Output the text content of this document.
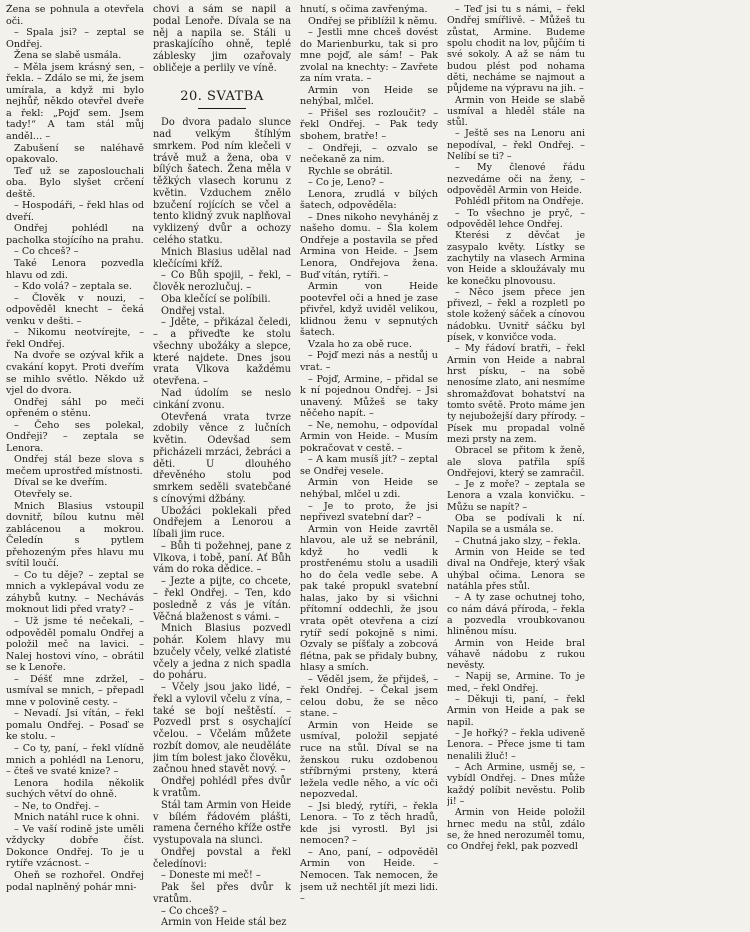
Žena se pohnula a otevřela oči.

– Spala jsi? – zeptal se Ondřej.

Žena se slabě usmála.

– Měla jsem krásný sen, – řekla. – Zdálo se mi, že jsem umírala, a když mi bylo nejhůř, někdo otevřel dveře a řekl: „Pojď sem. Jsem tady!“ A tam stál můj anděl… –

Zabušení se naléhavě opakovalo.

Teď už se zaposlouchali oba. Bylo slyšet crčení deště.

– Hospodáři, – řekl hlas od dveří.

Ondřej pohlédl na pacholka stojícího na prahu.

– Co chceš? –

Také Lenora pozvedla hlavu od zdi.

– Kdo volá? – zeptala se.

– Člověk v nouzi, – odpověděl knecht – čeká venku v dešti. –

– Nikomu neotvírejte, – řekl Ondřej.

Na dvoře se ozýval křik a cvakání kopyt. Proti dveřím se mihlo světlo. Někdo už vjel do dvora.

Ondřej sáhl po meči opřeném o stěnu.

– Čeho ses polekal, Ondřeji? – zeptala se Lenora.

Ondřej stál beze slova s mečem uprostřed místnosti.

Díval se ke dveřím.

Otevřely se.

Mnich Blasius vstoupil dovnitř, bílou kutnu měl zablácenou a mokrou. Čeledín s pytlem přehozeným přes hlavu mu svítil loučí.

– Co tu děje? – zeptal se mnich a vyklepával vodu ze záhybů kutny. – Nechávás moknout lidi před vraty? –

– Už jsme té nečekali, – odpověděl pomalu Ondřej a položil meč na lavici. – Nalej hostovi víno, – obrátil se k Lenoře.

– Déšť mne zdržel, – usmíval se mnich, – přepadl mne v polovině cesty. –

– Nevadí. Jsi vítán, – řekl pomalu Ondřej. – Posaď se ke stolu. –

– Co ty, paní, – řekl vlídně mnich a pohlédl na Lenoru, – čteš ve svaté knize? –

Lenora hodila několik suchých větví do ohně.

– Ne, to Ondřej. –

Mnich natáhl ruce k ohni.

– Ve vaší rodině jste uměli vždycky dobře číst. Dokonce Ondřej. To je u rytíře vzácnost. –

Oheň se rozhořel. Ondřej podal naplněný pohár mni-

chovi a sám se napil a podal Lenoře. Dívala se na něj a napila se. Stáli u praskajícího ohně, teplé záblesky jim ozařovaly obličeje a perlily ve víně.

20. SVATBA

Do dvora padalo slunce nad velkým štíhlým smrkem. Pod ním klečeli v trávě muž a žena, oba v bílých šatech. Žena měla v těžkých vlasech korunu z květin. Vzduchem znělo bzučení rojících se včel a tento klidný zvuk naplňoval vyklizený dvůr a ochozy celého statku.

Mnich Blasius udělal nad klečícími kříž.

– Co Bůh spojil, – řekl, – člověk nerozlučuj. –

Oba klečící se políbili.

Ondřej vstal.

– Jděte, – přikázal čeledi, – a přiveďte ke stolu všechny ubožáky a slepce, které najdete. Dnes jsou vrata Vlkova každému otevřena. –

Nad údolím se neslo cinkání zvonu.

Otevřená vrata tvrze zdobily věnce z lučních květin. Odevšad sem přicházeli mrzáci, žebráci a děti. U dlouhého dřevěného stolu pod smrkem seděli svatebčané s cínovými džbány.

Ubožáci poklekali před Ondřejem a Lenorou a líbali jim ruce.

– Bůh ti požehnej, pane z Vlkova, i tobě, paní. Ať Bůh vám do roka dědice. –

– Jezte a pijte, co chcete, – řekl Ondřej. – Ten, kdo posledně z vás je vítán. Věčná blaženost s vámi. –

Mnich Blasius pozvedl pohár. Kolem hlavy mu bzučely včely, velké zlatisté včely a jedna z nich spadla do poháru.

– Včely jsou jako lidé, – řekl a vylovil včelu z vína, – také se bojí neštěstí. – Pozvedl prst s osychající včelou. – Včelám můžete rozbít domov, ale neuděláte jim tím bolest jako člověku, začnou hned stavět nový. –

Ondřej pohlédl přes dvůr k vratům.

Stál tam Armin von Heide v bílém řádovém plášti, ramena černého kříže ostře vystupovala na slunci.

Ondřej povstal a řekl čeledínovi:

– Doneste mi meč! –

Pak šel přes dvůr k vratům.

– Co chceš? –

Armin von Heide stál bez

hnutí, s očima zavřenýma.

Ondřej se přiblížil k němu.

– Jestli mne chceš dovést do Marienburku, tak si pro mne pojď, ale sám! – Pak zvolal na knechty: – Zavřete za ním vrata. –

Armin von Heide se nehýbal, mlčel.

– Přišel ses rozloučit? – řekl Ondřej. – Pak tedy sbohem, bratře! –

– Ondřeji, – ozvalo se nečekaně za nim.

Rychle se obrátil.

– Co je, Leno? –

Lenora, zrudlá v bílých šatech, odpověděla:

– Dnes nikoho nevyháněj z našeho domu. – Šla kolem Ondřeje a postavila se před Armina von Heide. – Jsem Lenora, Ondřejova žena. Buď vítán, rytíři. –

Armin von Heide pootevřel oči a hned je zase přivřel, když uviděl velikou, klidnou ženu v sepnutých šatech.

Vzala ho za obě ruce.

– Pojď mezi nás a nestůj u vrat. –

– Pojď, Armine, – přidal se k ní pojednou Ondřej. – Jsi unavený. Můžeš se taky něčeho napít. –

– Ne, nemohu, – odpovídal Armin von Heide. – Musím pokračovat v cestě. –

– A kam musíš jít? – zeptal se Ondřej vesele.

Armin von Heide se nehýbal, mlčel u zdi.

– Je to proto, že jsi nepřivezl svatební dar? –

Armin von Heide zavrtěl hlavou, ale už se nebránil, když ho vedli k prostřenému stolu a usadili ho do čela vedle sebe. A pak také propukl svatební halas, jako by si všichni přítomní oddechli, že jsou vrata opět otevřena a cizí rytíř sedí pokojně s nimi. Ozvaly se píšťaly a zobcová flétna, pak se přidaly bubny, hlasy a smích.

– Věděl jsem, že přijdeš, – řekl Ondřej. – Čekal jsem celou dobu, že se něco stane. –

Armin von Heide se usmíval, položil sepjaté ruce na stůl. Díval se na ženskou ruku ozdobenou stříbrnými prsteny, která ležela vedle něho, a víc oči nepozvedal.

– Jsi bledý, rytíři, – řekla Lenora. – To z těch hradů, kde jsi vyrostl. Byl jsi nemocen? –

– Ano, paní, – odpověděl Armin von Heide. – Nemocen. Tak nemocen, že jsem už nechtěl jít mezi lidi. –

– Teď jsi tu s námi, – řekl Ondřej smířlivě. – Můžeš tu zůstat, Armine. Budeme spolu chodit na lov, půjčím ti své sokoly. A až se nám tu budou plést pod nohama děti, necháme se najmout a půjdeme na výpravu na jih. –

Armin von Heide se slabě usmíval a hleděl stále na stůl.

– Ještě ses na Lenoru ani nepodíval, – řekl Ondřej. – Nelíbí se ti? –

– My členové řádu nezvedáme oči na ženy, – odpověděl Armin von Heide.

Pohlédl přitom na Ondřeje.

– To všechno je pryč, – odpověděl lehce Ondřej.

Kterési z děvčat je zasypalo květy. Lístky se zachytily na vlasech Armina von Heide a skloužávaly mu ke konečku plnovousu.

– Něco jsem přece jen přivezl, – řekl a rozpletl po stole kožený sáček a cínovou nádobku. Uvnitř sáčku byl písek, v konvičce voda.

– My řádoví bratři, – řekl Armin von Heide a nabral hrst písku, – na sobě nenosíme zlato, ani nesmíme shromažďovat bohatství na tomto světě. Proto máme jen ty nejubožejší dary přírody. – Písek mu propadal volně mezi prsty na zem.

Obracel se přitom k ženě, ale slova patřila spíš Ondřejovi, který se zamračil.

– Je z moře? – zeptala se Lenora a vzala konvičku. – Můžu se napít? –

Oba se podívali k ní. Napila se a usmála se.

– Chutná jako slzy, – řekla.

Armin von Heide se teď dival na Ondřeje, který však uhýbal očima. Lenora se natáhla přes stůl.

– A ty zase ochutnej toho, co nám dává příroda, – řekla a pozvedla vroubkovanou hliněnou mísu.

Armin von Heide bral váhavě nádobu z rukou nevěsty.

– Napij se, Armine. To je med, – řekl Ondřej.

– Děkuji ti, paní, – řekl Armin von Heide a pak se napil.

– Je hořký? – řekla udiveně Lenora. – Přece jsme ti tam nenalili žluč! –

– Ach Armine, usměj se, – vybídl Ondřej. – Dnes může každý políbit nevěstu. Polib ji! –

Armin von Heide položil hrnec medu na stůl, zdálo se, že hned nerozuměl tomu, co Ondřej řekl, pak pozvedl
